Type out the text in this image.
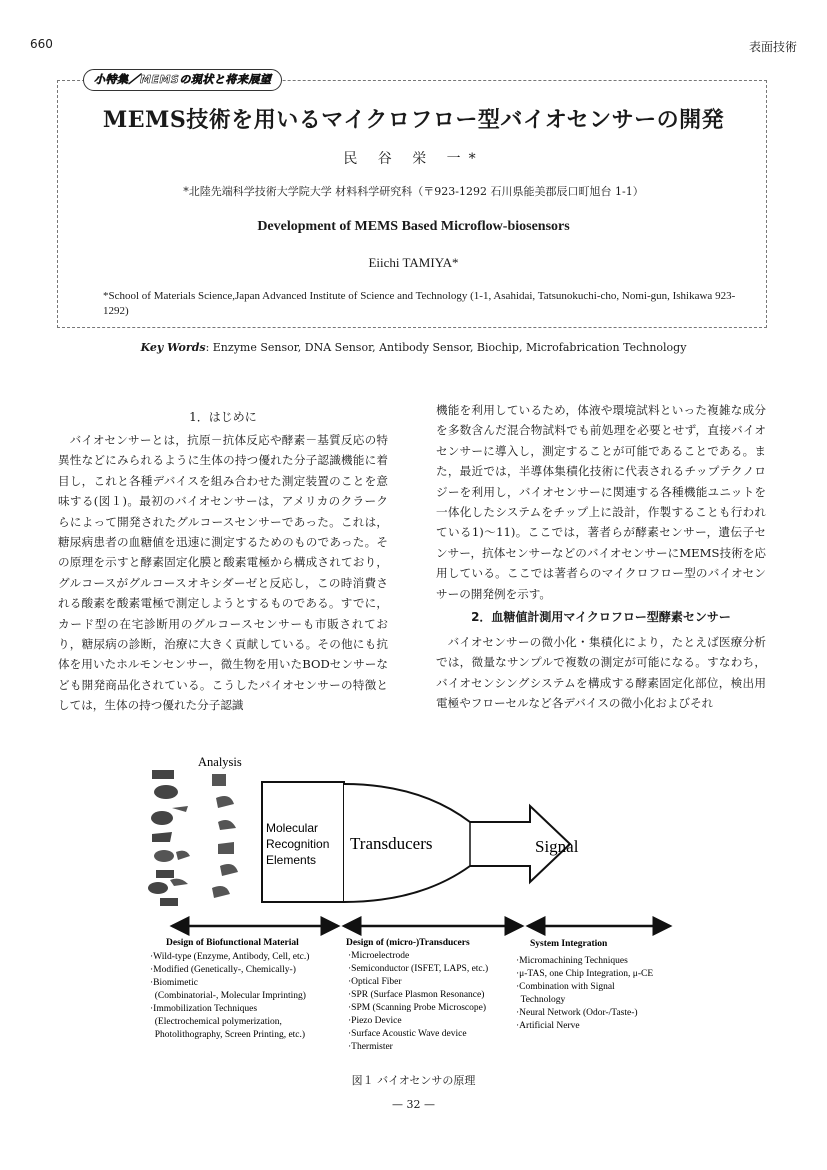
660	表面技術
小特集／MEMSの現状と将来展望
MEMS技術を用いるマイクロフロー型バイオセンサーの開発
民 谷 栄 一*
*北陸先端科学技術大学院大学 材料科学研究科（〒923-1292 石川県能美郡辰口町旭台 1-1）
Development of MEMS Based Microflow-biosensors
Eiichi TAMIYA*
*School of Materials Science,Japan Advanced Institute of Science and Technology (1-1, Asahidai, Tatsunokuchi-cho, Nomi-gun, Ishikawa 923-1292)
Key Words: Enzyme Sensor, DNA Sensor, Antibody Sensor, Biochip, Microfabrication Technology
1．はじめに

バイオセンサーとは，抗原－抗体反応や酵素－基質反応の特異性などにみられるように生体の持つ優れた分子認識機能に着目し，これと各種デバイスを組み合わせた測定装置のことを意味する(図１)。最初のバイオセンサーは，アメリカのクラークらによって開発されたグルコースセンサーであった。これは，糖尿病患者の血糖値を迅速に測定するためのものであった。その原理を示すと酵素固定化膜と酸素電極から構成されており，グルコースがグルコースオキシダーゼと反応し，この時消費される酸素を酸素電極で測定しようとするものである。すでに，カード型の在宅診断用のグルコースセンサーも市販されており，糖尿病の診断，治療に大きく貢献している。その他にも抗体を用いたホルモンセンサー，微生物を用いたBODセンサーなども開発商品化されている。こうしたバイオセンサーの特徴としては，生体の持つ優れた分子認識

機能を利用しているため，体液や環境試料といった複雑な成分を多数含んだ混合物試料でも前処理を必要とせず，直接バイオセンサーに導入し，測定することが可能であることである。また，最近では，半導体集積化技術に代表されるチップテクノロジーを利用し，バイオセンサーに関連する各種機能ユニットを一体化したシステムをチップ上に設計，作製することも行われている1)〜11)。ここでは，著者らが酵素センサー，遺伝子センサー，抗体センサーなどのバイオセンサーにMEMS技術を応用している。ここでは著者らのマイクロフロー型のバイオセンサーの開発例を示す。

2．血糖値計測用マイクロフロー型酵素センサー

バイオセンサーの微小化・集積化により，たとえば医療分析では，微量なサンプルで複数の測定が可能になる。すなわち，バイオセンシングシステムを構成する酵素固定化部位，検出用電極やフローセルなど各デバイスの微小化およびそれ

Analysis
Molecular
Recognition
Elements
Transducers	Signal
Design of Biofunctional Material
·Wild-type (Enzyme, Antibody, Cell, etc.)
·Modified (Genetically-, Chemically-)
·Biomimetic
(Combinatorial-, Molecular Imprinting)
·Immobilization Techniques
(Electrochemical polymerization,
Photolithography, Screen Printing, etc.)
Design of (micro-)Transducers
·Microelectrode
·Semiconductor (ISFET, LAPS, etc.)
·Optical Fiber
·SPR (Surface Plasmon Resonance)
·SPM (Scanning Probe Microscope)
·Piezo Device
·Surface Acoustic Wave device
·Thermister
System Integration
·Micromachining Techniques
·μ-TAS, one Chip Integration, μ-CE
·Combination with Signal
Technology
·Neural Network (Odor-/Taste-)
·Artificial Nerve
図１ バイオセンサの原理
— 32 —
